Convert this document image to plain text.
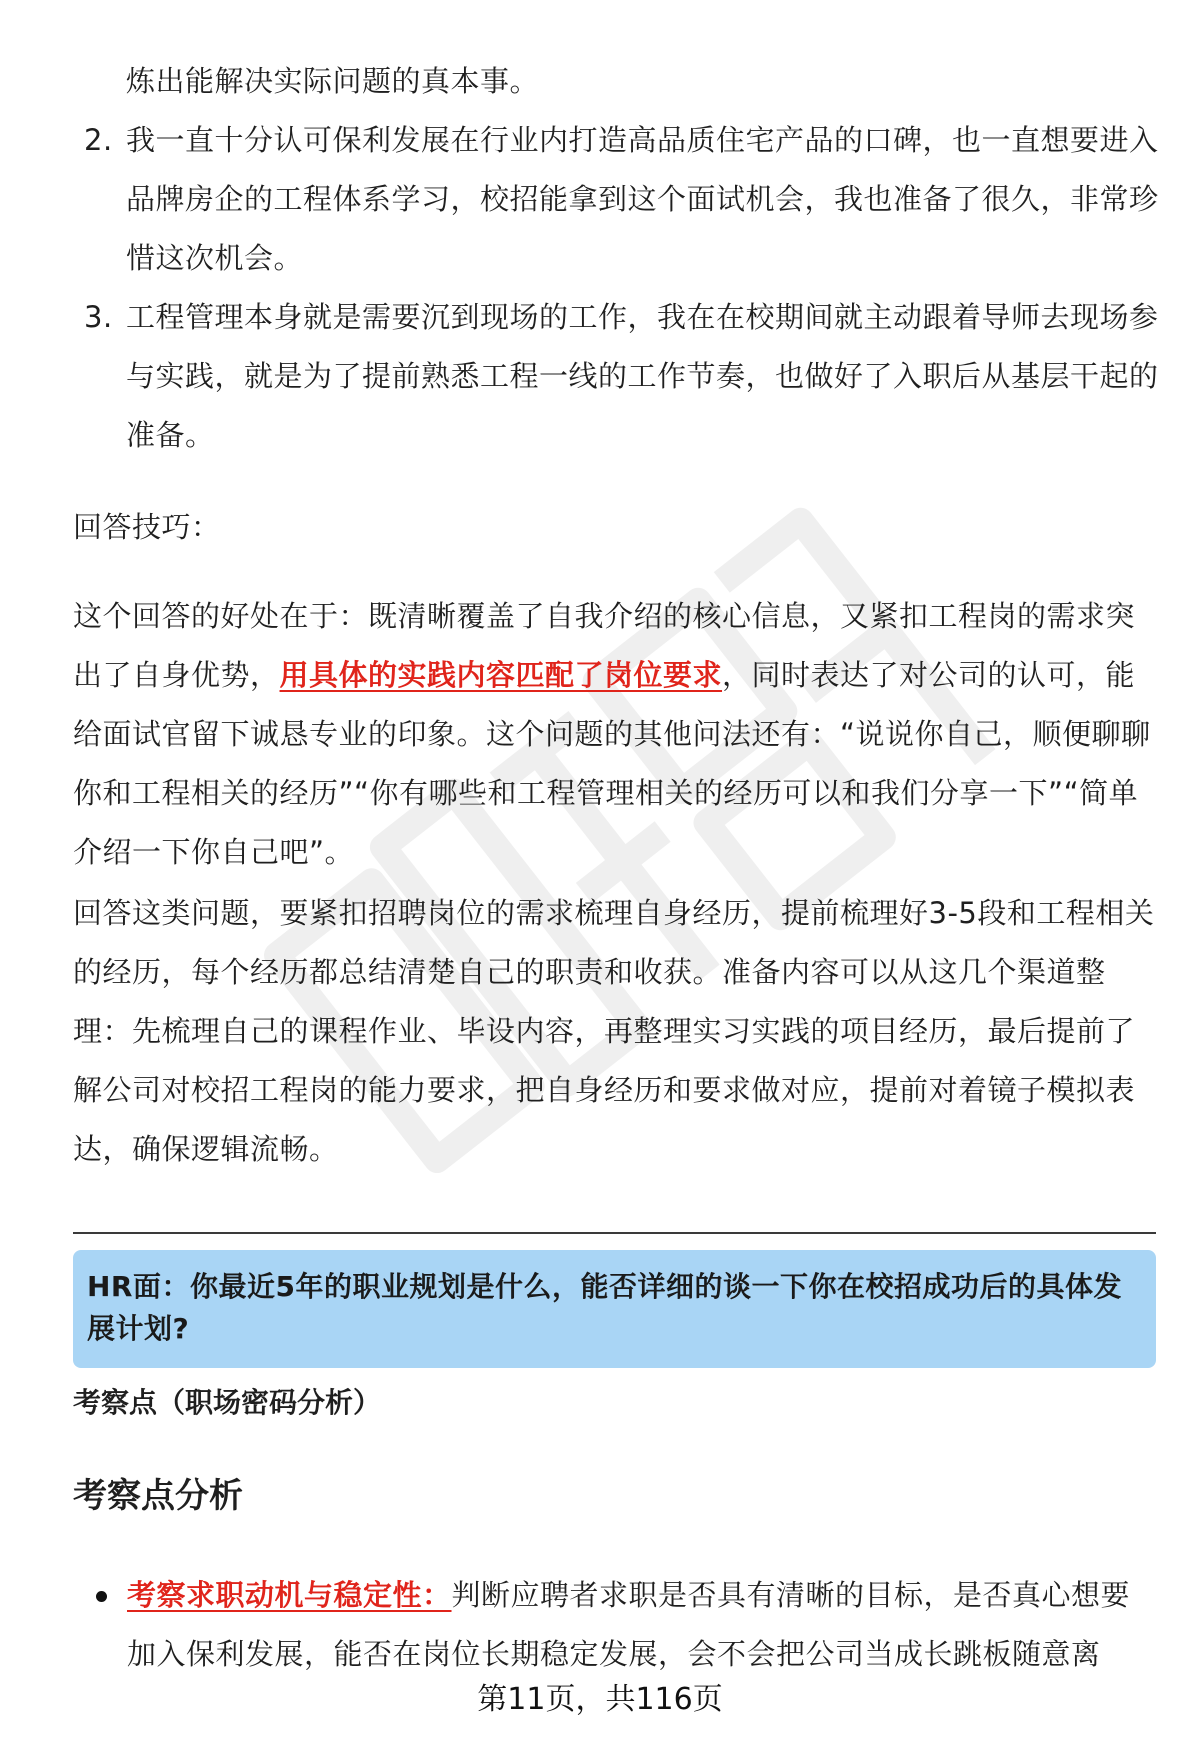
炼出能解决实际问题的真本事。
2. 我一直十分认可保利发展在行业内打造高品质住宅产品的口碑，也一直想要进入品牌房企的工程体系学习，校招能拿到这个面试机会，我也准备了很久，非常珍惜这次机会。
3. 工程管理本身就是需要沉到现场的工作，我在在校期间就主动跟着导师去现场参与实践，就是为了提前熟悉工程一线的工作节奏，也做好了入职后从基层干起的准备。
回答技巧：
这个回答的好处在于：既清晰覆盖了自我介绍的核心信息，又紧扣工程岗的需求突出了自身优势，用具体的实践内容匹配了岗位要求，同时表达了对公司的认可，能给面试官留下诚恳专业的印象。这个问题的其他问法还有：“说说你自己，顺便聊聊你和工程相关的经历”“你有哪些和工程管理相关的经历可以和我们分享一下”“简单介绍一下你自己吧”。
回答这类问题，要紧扣招聘岗位的需求梳理自身经历，提前梳理好3-5段和工程相关的经历，每个经历都总结清楚自己的职责和收获。准备内容可以从这几个渠道整理：先梳理自己的课程作业、毕设内容，再整理实习实践的项目经历，最后提前了解公司对校招工程岗的能力要求，把自身经历和要求做对应，提前对着镜子模拟表达，确保逻辑流畅。
HR面：你最近5年的职业规划是什么，能否详细的谈一下你在校招成功后的具体发展计划?
考察点（职场密码分析）
考察点分析
考察求职动机与稳定性：判断应聘者求职是否具有清晰的目标，是否真心想要加入保利发展，能否在岗位长期稳定发展，会不会把公司当成长跳板随意离
第11页，共116页
